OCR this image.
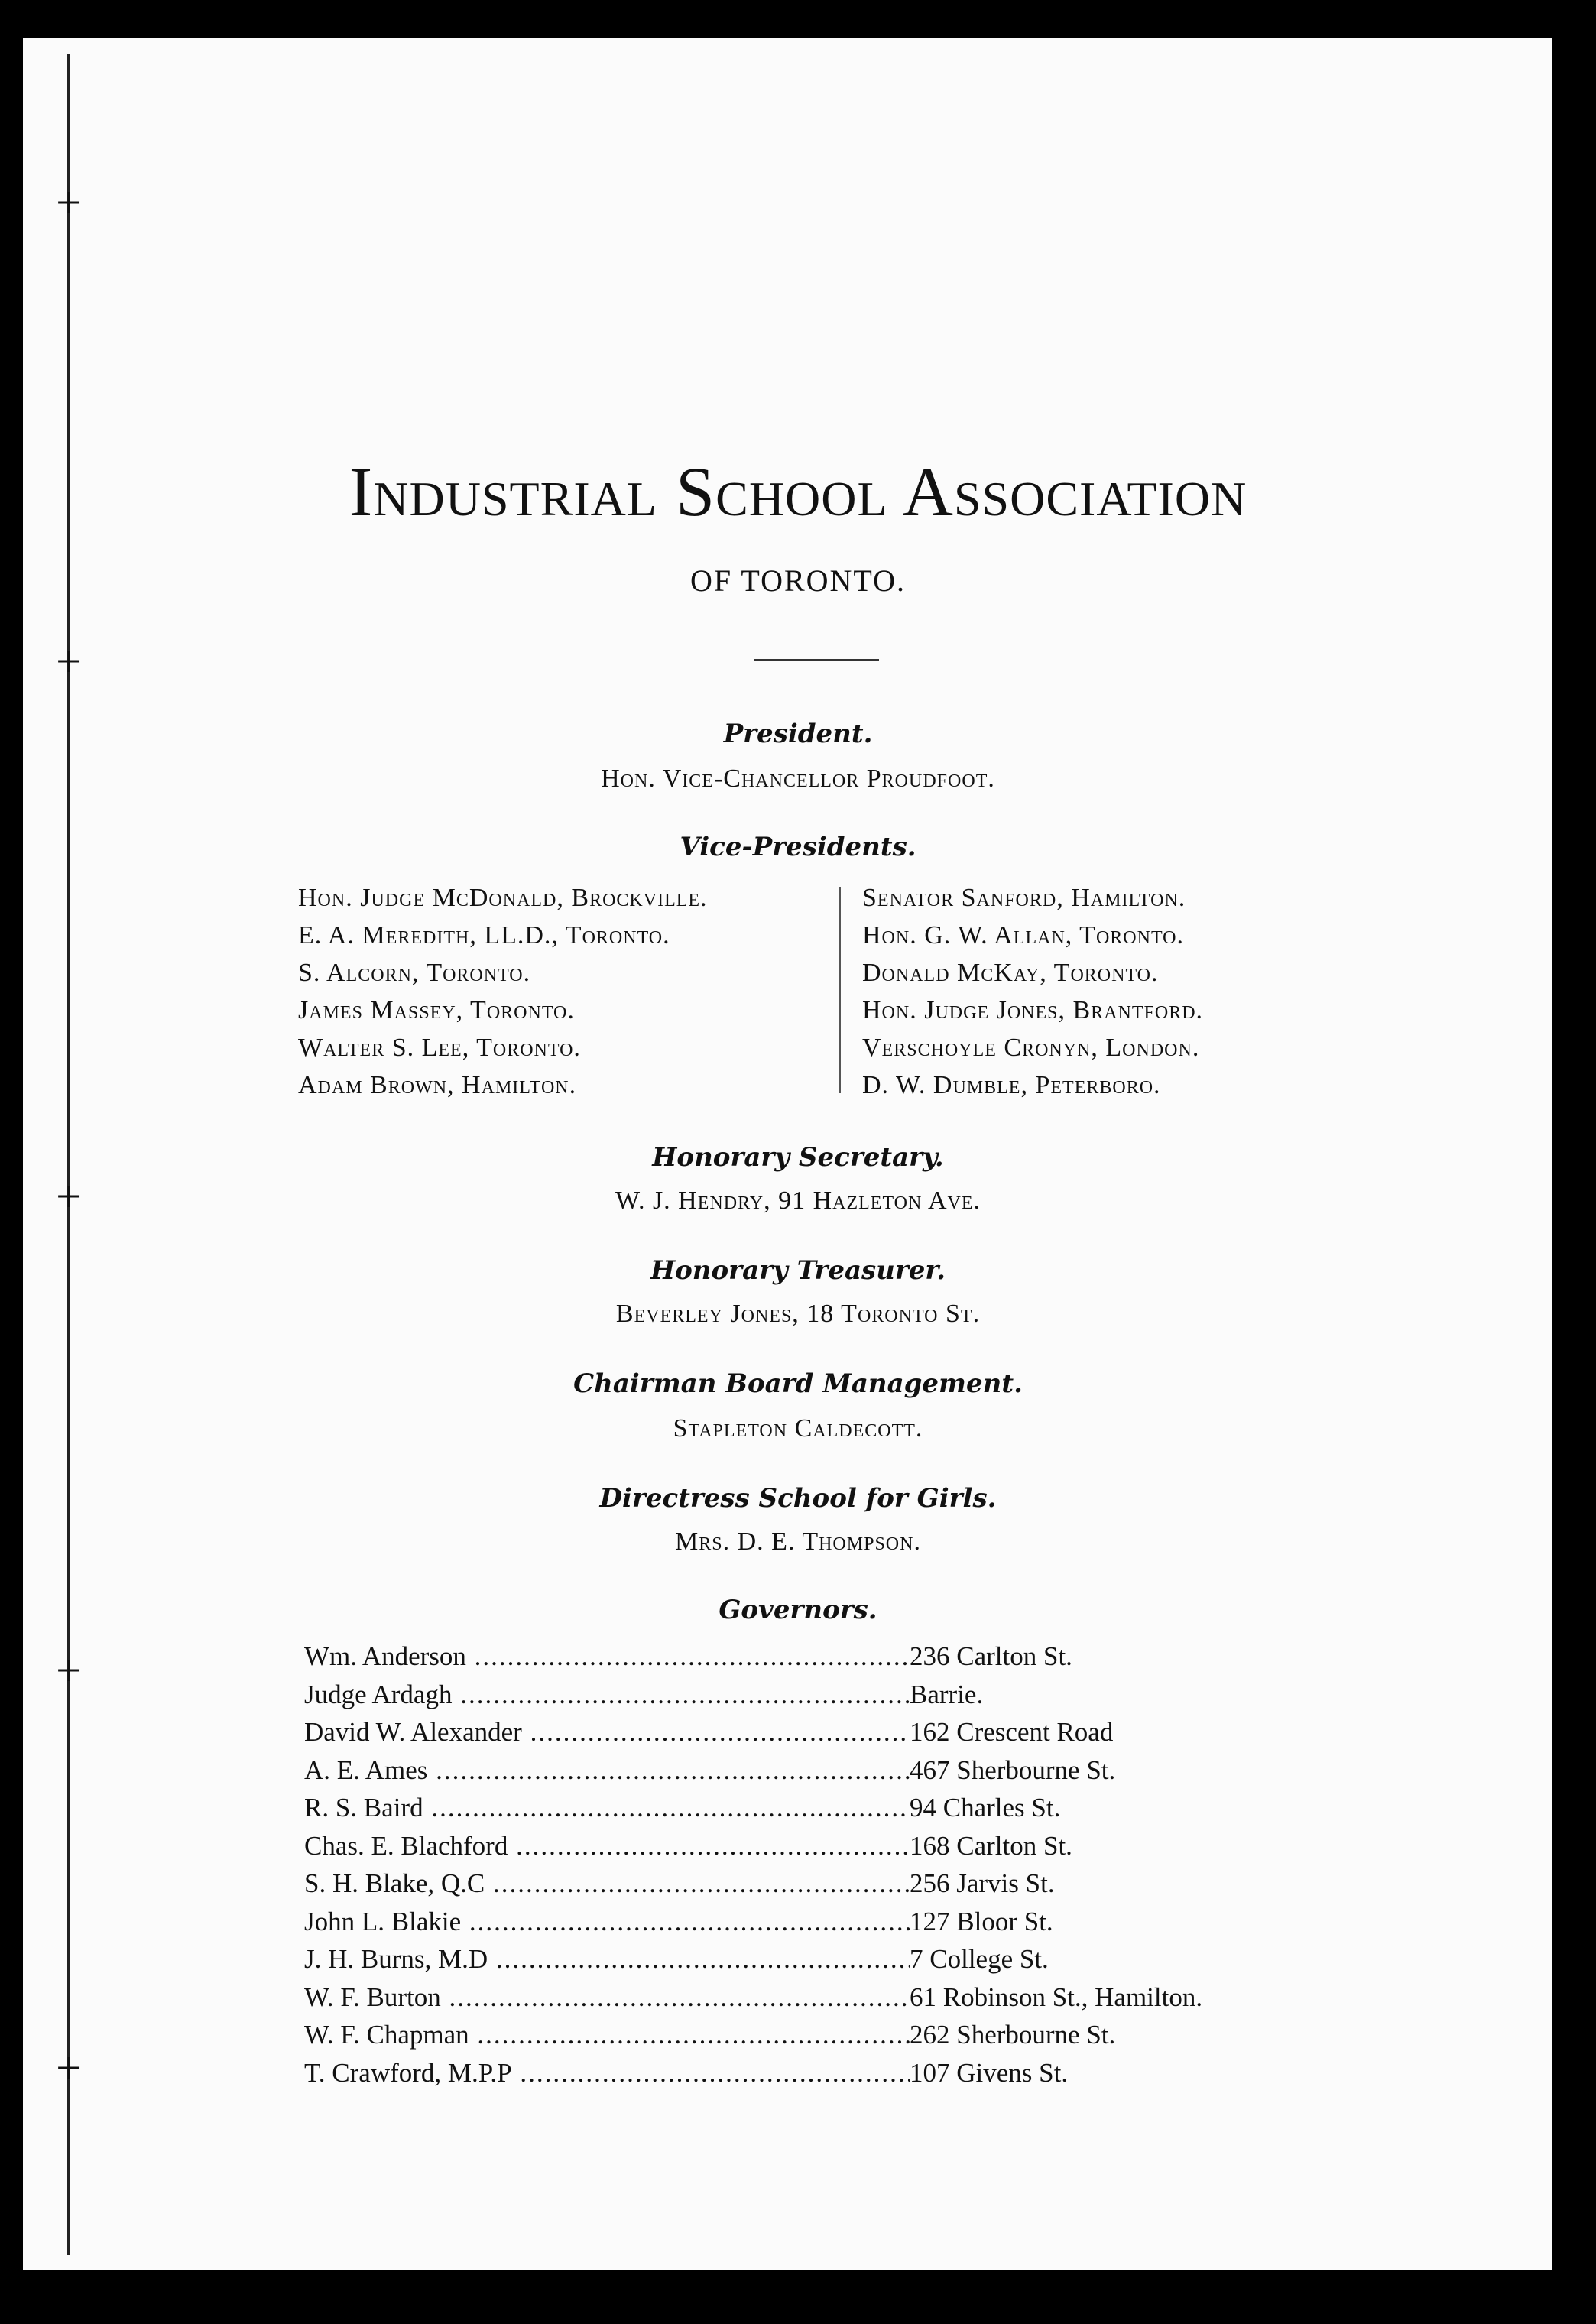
+
+
+
+
+
Industrial School Association
OF TORONTO.
President.
Hon. Vice-Chancellor Proudfoot.
Vice-Presidents.
Hon. Judge McDonald, Brockville.
E. A. Meredith, LL.D., Toronto.
S. Alcorn, Toronto.
James Massey, Toronto.
Walter S. Lee, Toronto.
Adam Brown, Hamilton.
Senator Sanford, Hamilton.
Hon. G. W. Allan, Toronto.
Donald McKay, Toronto.
Hon. Judge Jones, Brantford.
Verschoyle Cronyn, London.
D. W. Dumble, Peterboro.
Honorary Secretary.
W. J. Hendry, 91 Hazleton Ave.
Honorary Treasurer.
Beverley Jones, 18 Toronto St.
Chairman Board Management.
Stapleton Caldecott.
Directress School for Girls.
Mrs. D. E. Thompson.
Governors.
Wm. Anderson .....	236 Carlton St.
Judge Ardagh .....	Barrie.
David W. Alexander .....	162 Crescent Road
A. E. Ames .....	467 Sherbourne St.
R. S. Baird .....	94 Charles St.
Chas. E. Blachford .....	168 Carlton St.
S. H. Blake, Q.C .....	256 Jarvis St.
John L. Blakie .....	127 Bloor St.
J. H. Burns, M.D .....	7 College St.
W. F. Burton .....	61 Robinson St., Hamilton.
W. F. Chapman .....	262 Sherbourne St.
T. Crawford, M.P.P .....	107 Givens St.
